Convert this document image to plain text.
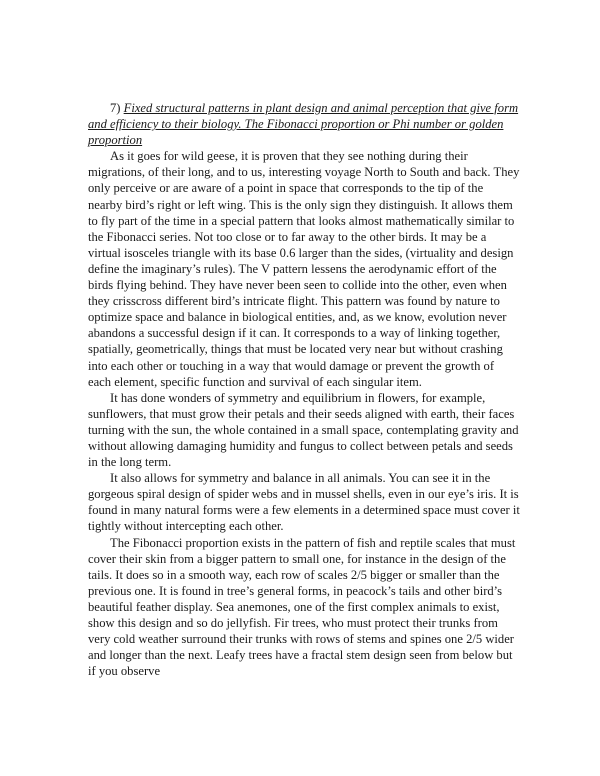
7) Fixed structural patterns in plant design and animal perception that give form and efficiency to their biology. The Fibonacci proportion or Phi number or golden proportion

As it goes for wild geese, it is proven that they see nothing during their migrations, of their long, and to us, interesting voyage North to South and back. They only perceive or are aware of a point in space that corresponds to the tip of the nearby bird’s right or left wing. This is the only sign they distinguish. It allows them to fly part of the time in a special pattern that looks almost mathematically similar to the Fibonacci series. Not too close or to far away to the other birds. It may be a virtual isosceles triangle with its base 0.6 larger than the sides, (virtuality and design define the imaginary’s rules). The V pattern lessens the aerodynamic effort of the birds flying behind. They have never been seen to collide into the other, even when they crisscross different bird’s intricate flight. This pattern was found by nature to optimize space and balance in biological entities, and, as we know, evolution never abandons a successful design if it can. It corresponds to a way of linking together, spatially, geometrically, things that must be located very near but without crashing into each other or touching in a way that would damage or prevent the growth of each element, specific function and survival of each singular item.

It has done wonders of symmetry and equilibrium in flowers, for example, sunflowers, that must grow their petals and their seeds aligned with earth, their faces turning with the sun, the whole contained in a small space, contemplating gravity and without allowing damaging humidity and fungus to collect between petals and seeds in the long term.

It also allows for symmetry and balance in all animals. You can see it in the gorgeous spiral design of spider webs and in mussel shells, even in our eye’s iris. It is found in many natural forms were a few elements in a determined space must cover it tightly without intercepting each other.

The Fibonacci proportion exists in the pattern of fish and reptile scales that must cover their skin from a bigger pattern to small one, for instance in the design of the tails. It does so in a smooth way, each row of scales 2/5 bigger or smaller than the previous one. It is found in tree’s general forms, in peacock’s tails and other bird’s beautiful feather display. Sea anemones, one of the first complex animals to exist, show this design and so do jellyfish. Fir trees, who must protect their trunks from very cold weather surround their trunks with rows of stems and spines one 2/5 wider and longer than the next. Leafy trees have a fractal stem design seen from below but if you observe
